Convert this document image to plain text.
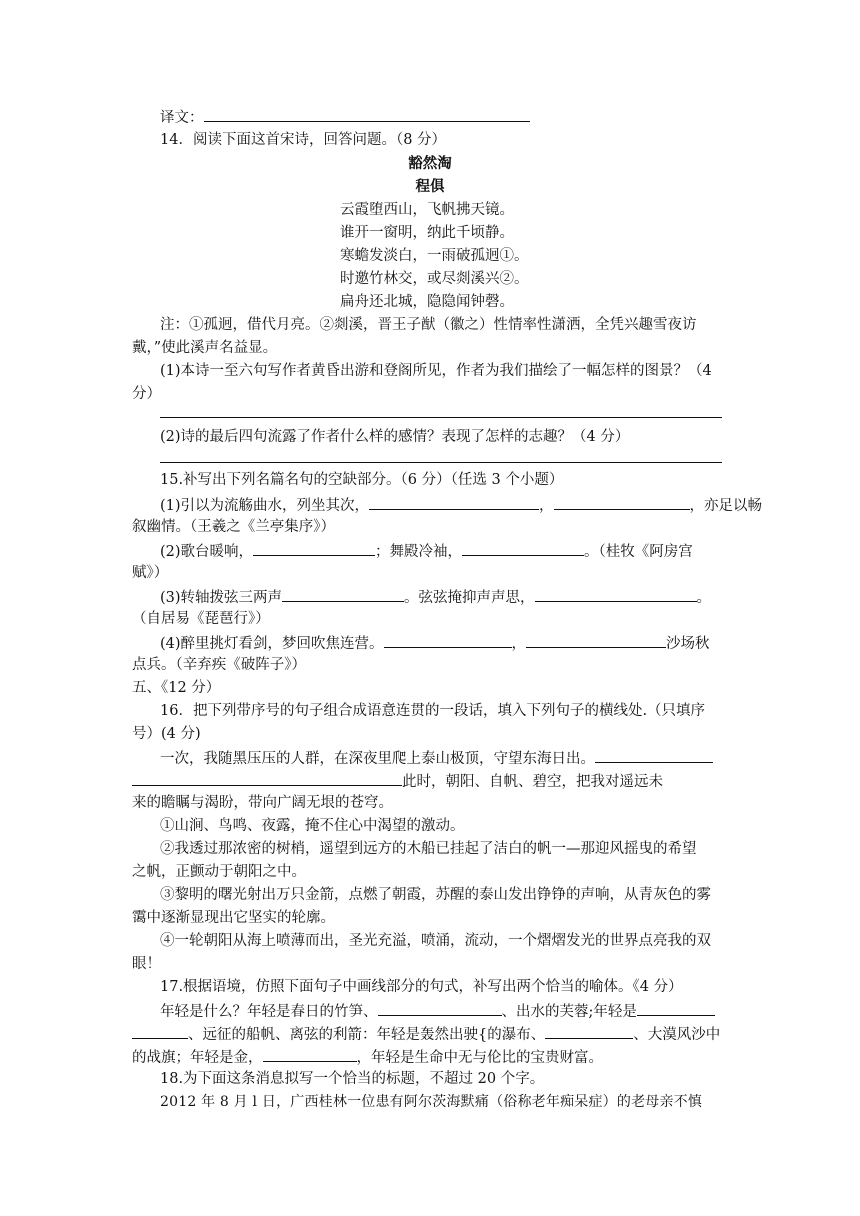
译文：
14．阅读下面这首宋诗，回答问题。（8 分）
豁然淘
程俱
云霞堕西山，飞帆拂天镜。
谁开一窗明，纳此千顷静。
寒蟾发淡白，一雨破孤迥①。
时邀竹林交，或尽剡溪兴②。
扁舟还北城，隐隐闻钟磬。
注：①孤迥，借代月亮。②剡溪，晋王子猷（徽之）性情率性潇洒，全凭兴趣雪夜访
戴，”使此溪声名益显。
(1)本诗一至六句写作者黄昏出游和登阁所见，作者为我们描绘了一幅怎样的图景？（4
分）
(2)诗的最后四句流露了作者什么样的感情？表现了怎样的志趣？（4 分）
15.补写出下列名篇名句的空缺部分。（6 分）（任选 3 个小题）
(1)引以为流觞曲水，列坐其次，	，	，亦足以畅
叙幽情。（王羲之《兰亭集序》）
(2)歌台暖响，	；舞殿冷袖，	。（桂牧《阿房宫
赋》）
(3)转轴拨弦三两声	。弦弦掩抑声声思，	。
（自居易《琵琶行》）
(4)醉里挑灯看剑，梦回吹焦连营。	，	沙场秋
点兵。（辛弃疾《破阵子》）
五、《12 分）
16．把下列带序号的句子组合成语意连贯的一段话，填入下列句子的横线处.（只填序
号）(4 分)
一次，我随黑压压的人群，在深夜里爬上泰山极顶，守望东海日出。
此时，朝阳、自帆、碧空，把我对遥远未
来的瞻瞩与渴盼，带向广阔无垠的苍穹。
①山涧、鸟鸣、夜露，掩不住心中渴望的激动。
②我透过那浓密的树梢，遥望到远方的木船已挂起了洁白的帆一—那迎风摇曳的希望
之帆，正颤动于朝阳之中。
③黎明的曙光射出万只金箭，点燃了朝霞，苏醒的泰山发出铮铮的声响，从青灰色的雾
霭中逐渐显现出它坚实的轮廓。
④一轮朝阳从海上喷薄而出，圣光充溢，喷涌，流动，一个熠熠发光的世界点亮我的双
眼！
17.根据语境，仿照下面句子中画线部分的句式，补写出两个恰当的喻体。《4 分）
年轻是什么？年轻是春日的竹笋、	、出水的芙蓉;年轻是
、远征的船帆、离弦的利箭：年轻是轰然出驶{的瀑布、	、大漠风沙中
的战旗；年轻是金，	，年轻是生命中无与伦比的宝贵财富。
18.为下面这条消息拟写一个恰当的标题，不超过 20 个字。
2012 年 8 月 l 日，广西桂林一位患有阿尔茨海默痛（俗称老年痴呆症）的老母亲不慎
